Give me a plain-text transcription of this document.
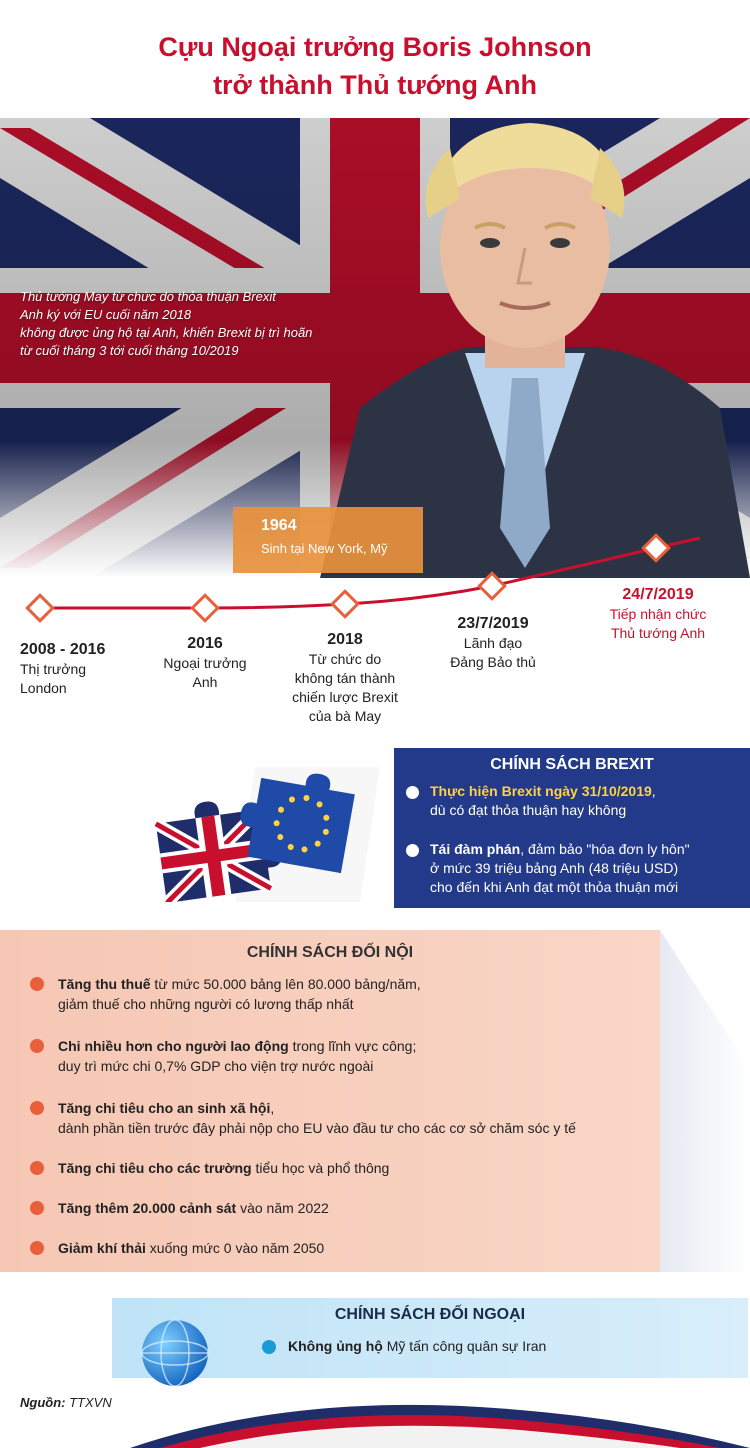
Cựu Ngoại trưởng Boris Johnson
trở thành Thủ tướng Anh
Thủ tướng May từ chức do thỏa thuận Brexit
Anh ký với EU cuối năm 2018
không được ủng hộ tại Anh, khiến Brexit bị trì hoãn
từ cuối tháng 3 tới cuối tháng 10/2019
1964
Sinh tại New York, Mỹ
2008 - 2016
Thị trưởng
London
2016
Ngoại trưởng
Anh
2018
Từ chức do
không tán thành
chiến lược Brexit
của bà May
23/7/2019
Lãnh đạo
Đảng Bảo thủ
24/7/2019
Tiếp nhận chức
Thủ tướng Anh
CHÍNH SÁCH BREXIT
Thực hiện Brexit ngày 31/10/2019,
dù có đạt thỏa thuận hay không
Tái đàm phán, đảm bảo "hóa đơn ly hôn"
ở mức 39 triệu bảng Anh (48 triệu USD)
cho đến khi Anh đạt một thỏa thuận mới
CHÍNH SÁCH ĐỐI NỘI
Tăng thu thuế từ mức 50.000 bảng lên 80.000 bảng/năm,
giảm thuế cho những người có lương thấp nhất
Chi nhiều hơn cho người lao động trong lĩnh vực công;
duy trì mức chi 0,7% GDP cho viện trợ nước ngoài
Tăng chi tiêu cho an sinh xã hội,
dành phần tiền trước đây phải nộp cho EU vào đầu tư cho các cơ sở chăm sóc y tế
Tăng chi tiêu cho các trường tiểu học và phổ thông
Tăng thêm 20.000 cảnh sát vào năm 2022
Giảm khí thải xuống mức 0 vào năm 2050
CHÍNH SÁCH ĐỐI NGOẠI
Không ủng hộ Mỹ tấn công quân sự Iran
Nguồn: TTXVN
